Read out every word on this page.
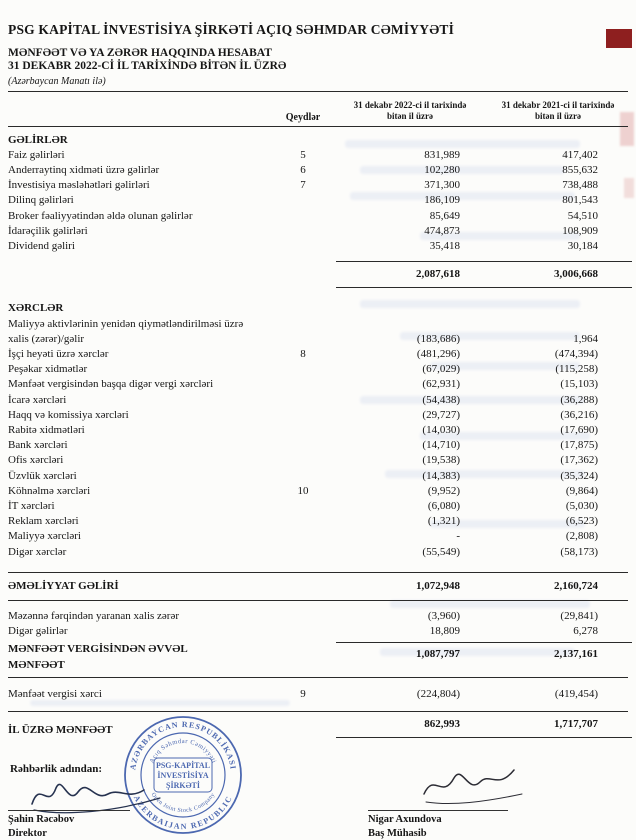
PSG KAPİTAL İNVESTİSİYA ŞİRKƏTİ AÇIQ SƏHMDAR CƏMİYYƏTİ
MƏNFƏƏT VƏ YA ZƏRƏR HAQQINDA HESABAT
31 DEKABR 2022-Cİ İL TARİXİNDƏ BİTƏN İL ÜZRƏ
(Azərbaycan Manatı ilə)
Qeydlər
31 dekabr 2022-ci il tarixində bitən il üzrə
31 dekabr 2021-ci il tarixində bitən il üzrə
GƏLİRLƏR
Faiz gəlirləri	5	831,989	417,402
Anderraytinq xidməti üzrə gəlirlər	6	102,280	855,632
İnvestisiya məsləhətləri gəlirləri	7	371,300	738,488
Dilinq gəlirləri	186,109	801,543
Broker fəaliyyətindən əldə olunan gəlirlər	85,649	54,510
İdarəçilik gəlirləri	474,873	108,909
Dividend gəliri	35,418	30,184
2,087,618	3,006,668
XƏRCLƏR
Maliyyə aktivlərinin yenidən qiymətləndirilməsi üzrə xalis (zərər)/gəlir	(183,686)	1,964
İşçi heyəti üzrə xərclər	8	(481,296)	(474,394)
Peşəkar xidmətlər	(67,029)	(115,258)
Mənfəət vergisindən başqa digər vergi xərcləri	(62,931)	(15,103)
İcarə xərcləri	(54,438)	(36,288)
Haqq və komissiya xərcləri	(29,727)	(36,216)
Rabitə xidmətləri	(14,030)	(17,690)
Bank xərcləri	(14,710)	(17,875)
Ofis xərcləri	(19,538)	(17,362)
Üzvlük xərcləri	(14,383)	(35,324)
Köhnəlmə xərcləri	10	(9,952)	(9,864)
İT xərcləri	(6,080)	(5,030)
Reklam xərcləri	(1,321)	(6,523)
Maliyyə xərcləri	-	(2,808)
Digər xərclər	(55,549)	(58,173)
ƏMƏLİYYAT GƏLİRİ	1,072,948	2,160,724
Məzənnə fərqindən yaranan xalis zərər	(3,960)	(29,841)
Digər gəlirlər	18,809	6,278
MƏNFƏƏT VERGİSİNDƏN ƏVVƏL
MƏNFƏƏT
1,087,797	2,137,161
Mənfəət vergisi xərci	9	(224,804)	(419,454)
İL ÜZRƏ MƏNFƏƏT	862,993	1,717,707
Rəhbərlik adından:	AZƏRBAYCAN RESPUBLİKASI
AZERBAIJAN REPUBLIC
Açıq Səhmdar Cəmiyyəti
Open Joint Stock Company
PSG-KAPİTAL
İNVESTİSİYA
ŞİRKƏTİ
Şahin Rəcəbov
Direktor
Nigar Axundova
Baş Mühasib
